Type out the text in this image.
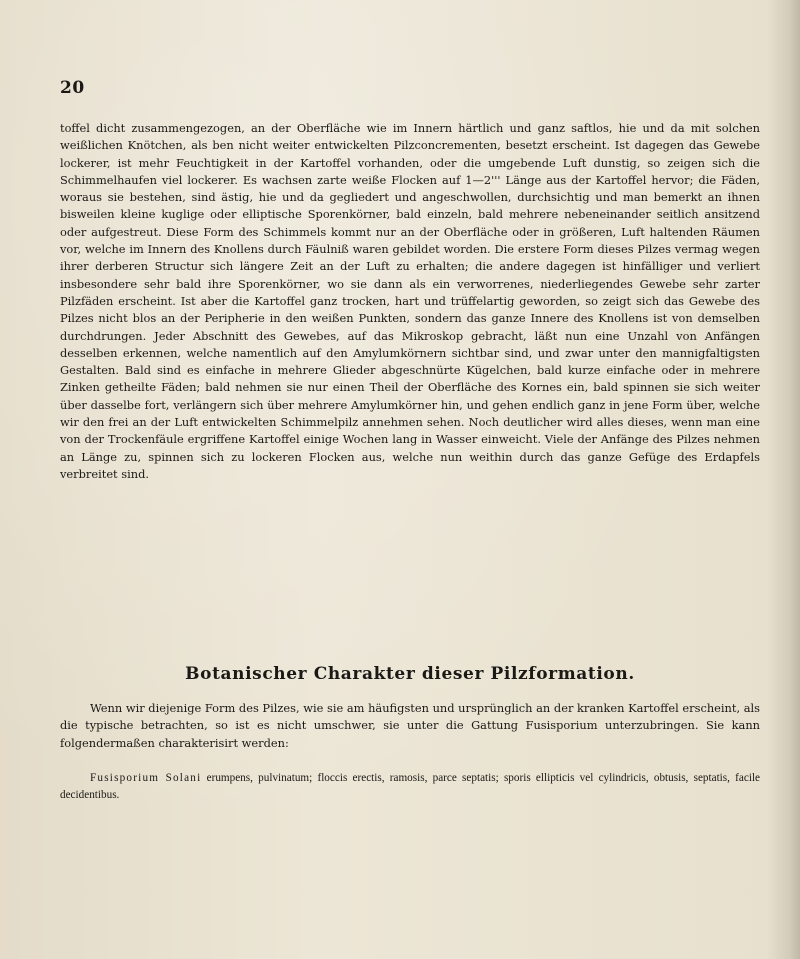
20

toffel dicht zusammengezogen, an der Oberfläche wie im Innern härtlich und ganz saftlos, hie und da mit solchen weißlichen Knötchen, als ben nicht weiter entwickelten Pilzconcrementen, besetzt erscheint. Ist dagegen das Gewebe lockerer, ist mehr Feuchtigkeit in der Kartoffel vorhanden, oder die umgebende Luft dunstig, so zeigen sich die Schimmelhaufen viel lockerer. Es wachsen zarte weiße Flocken auf 1—2''' Länge aus der Kartoffel hervor; die Fäden, woraus sie bestehen, sind ästig, hie und da gegliedert und angeschwollen, durchsichtig und man bemerkt an ihnen bisweilen kleine kuglige oder elliptische Sporenkörner, bald einzeln, bald mehrere nebeneinander seitlich ansitzend oder aufgestreut. Diese Form des Schimmels kommt nur an der Oberfläche oder in größeren, Luft haltenden Räumen vor, welche im Innern des Knollens durch Fäulniß waren gebildet worden. Die erstere Form dieses Pilzes vermag wegen ihrer derberen Structur sich längere Zeit an der Luft zu erhalten; die andere dagegen ist hinfälliger und verliert insbesondere sehr bald ihre Sporenkörner, wo sie dann als ein verworrenes, niederliegendes Gewebe sehr zarter Pilzfäden erscheint. Ist aber die Kartoffel ganz trocken, hart und trüffelartig geworden, so zeigt sich das Gewebe des Pilzes nicht blos an der Peripherie in den weißen Punkten, sondern das ganze Innere des Knollens ist von demselben durchdrungen. Jeder Abschnitt des Gewebes, auf das Mikroskop gebracht, läßt nun eine Unzahl von Anfängen desselben erkennen, welche namentlich auf den Amylumkörnern sichtbar sind, und zwar unter den mannigfaltigsten Gestalten. Bald sind es einfache in mehrere Glieder abgeschnürte Kügelchen, bald kurze einfache oder in mehrere Zinken getheilte Fäden; bald nehmen sie nur einen Theil der Oberfläche des Kornes ein, bald spinnen sie sich weiter über dasselbe fort, verlängern sich über mehrere Amylumkörner hin, und gehen endlich ganz in jene Form über, welche wir den frei an der Luft entwickelten Schimmelpilz annehmen sehen. Noch deutlicher wird alles dieses, wenn man eine von der Trockenfäule ergriffene Kartoffel einige Wochen lang in Wasser einweicht. Viele der Anfänge des Pilzes nehmen an Länge zu, spinnen sich zu lockeren Flocken aus, welche nun weithin durch das ganze Gefüge des Erdapfels verbreitet sind.

Botanischer Charakter dieser Pilzformation.
Wenn wir diejenige Form des Pilzes, wie sie am häufigsten und ursprünglich an der kranken Kartoffel erscheint, als die typische betrachten, so ist es nicht umschwer, sie unter die Gattung Fusisporium unterzubringen. Sie kann folgendermaßen charakterisirt werden:
Fusisporium Solani erumpens, pulvinatum; floccis erectis, ramosis, parce septatis; sporis ellipticis vel cylindricis, obtusis, septatis, facile decidentibus.
